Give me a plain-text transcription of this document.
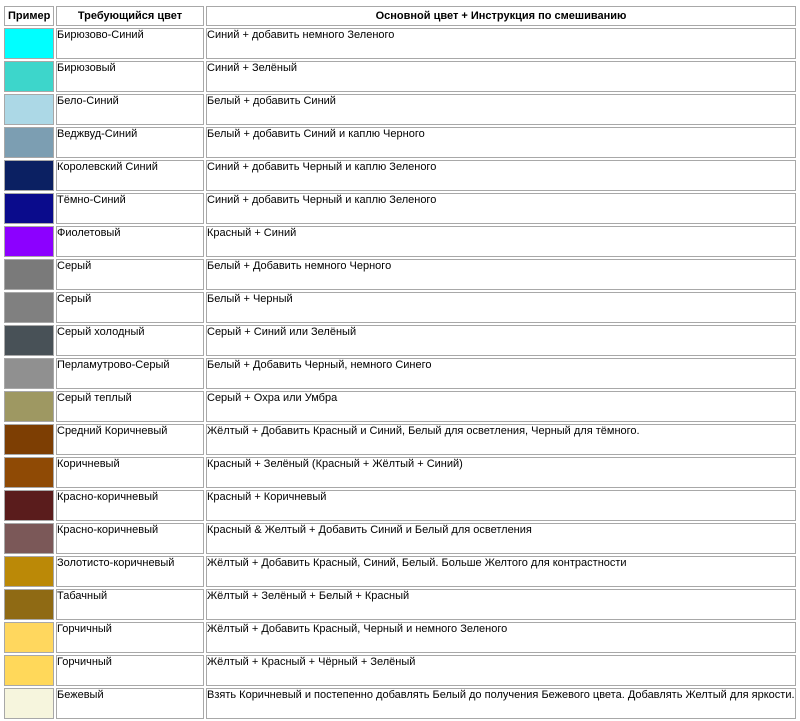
Пример	Требующийся цвет	Основной цвет + Инструкция по смешиванию

	Бирюзово-Синий	Синий + добавить немного Зеленого

	Бирюзовый	Синий + Зелёный

	Бело-Синий	Белый + добавить Синий

	Веджвуд-Синий	Белый + добавить Синий и каплю Черного

	Королевский Синий	Синий + добавить Черный и каплю Зеленого

	Тёмно-Синий	Синий + добавить Черный и каплю Зеленого

	Фиолетовый	Красный + Синий

	Серый	Белый + Добавить немного Черного

	Серый	Белый + Черный

	Серый холодный	Серый + Синий или Зелёный

	Перламутрово-Серый	Белый + Добавить Черный, немного Синего

	Серый теплый	Серый + Охра или Умбра

	Средний Коричневый	Жёлтый + Добавить Красный и Синий, Белый для осветления, Черный для тёмного.

	Коричневый	Красный + Зелёный (Красный + Жёлтый + Синий)

	Красно-коричневый	Красный + Коричневый

	Красно-коричневый	Красный & Желтый + Добавить Синий и Белый для осветления

	Золотисто-коричневый	Жёлтый + Добавить Красный, Синий, Белый. Больше Желтого для контрастности

	Табачный	Жёлтый + Зелёный + Белый + Красный

	Горчичный	Жёлтый + Добавить Красный, Черный и немного Зеленого

	Горчичный	Жёлтый + Красный + Чёрный + Зелёный

	Бежевый	Взять Коричневый и постепенно добавлять Белый до получения Бежевого цвета. Добавлять Желтый для яркости.
